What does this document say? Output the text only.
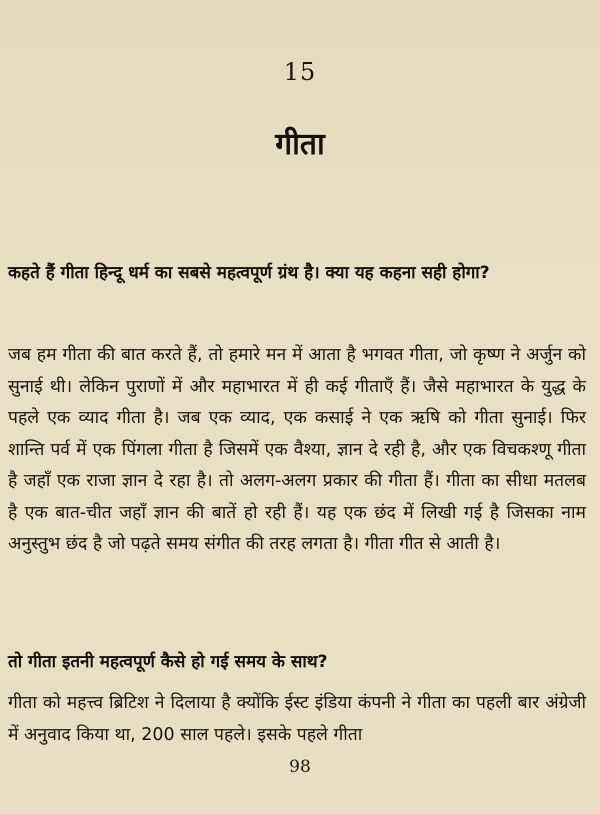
15
गीता
कहते हैं गीता हिन्दू धर्म का सबसे महत्वपूर्ण ग्रंथ है। क्या यह कहना सही होगा?
जब हम गीता की बात करते हैं, तो हमारे मन में आता है भगवत गीता, जो कृष्ण ने अर्जुन को सुनाई थी। लेकिन पुराणों में और महाभारत में ही कई गीताएँ हैं। जैसे महाभारत के युद्ध के पहले एक व्याद गीता है। जब एक व्याद, एक कसाई ने एक ऋषि को गीता सुनाई। फिर शान्ति पर्व में एक पिंगला गीता है जिसमें एक वैश्या, ज्ञान दे रही है, और एक विचकश्णू गीता है जहाँ एक राजा ज्ञान दे रहा है। तो अलग-अलग प्रकार की गीता हैं। गीता का सीधा मतलब है एक बात-चीत जहाँ ज्ञान की बातें हो रही हैं। यह एक छंद में लिखी गई है जिसका नाम अनुस्तुभ छंद है जो पढ़ते समय संगीत की तरह लगता है। गीता गीत से आती है।
तो गीता इतनी महत्वपूर्ण कैसे हो गई समय के साथ?
गीता को महत्त्व ब्रिटिश ने दिलाया है क्योंकि ईस्ट इंडिया कंपनी ने गीता का पहली बार अंग्रेजी में अनुवाद किया था, 200 साल पहले। इसके पहले गीता
98
